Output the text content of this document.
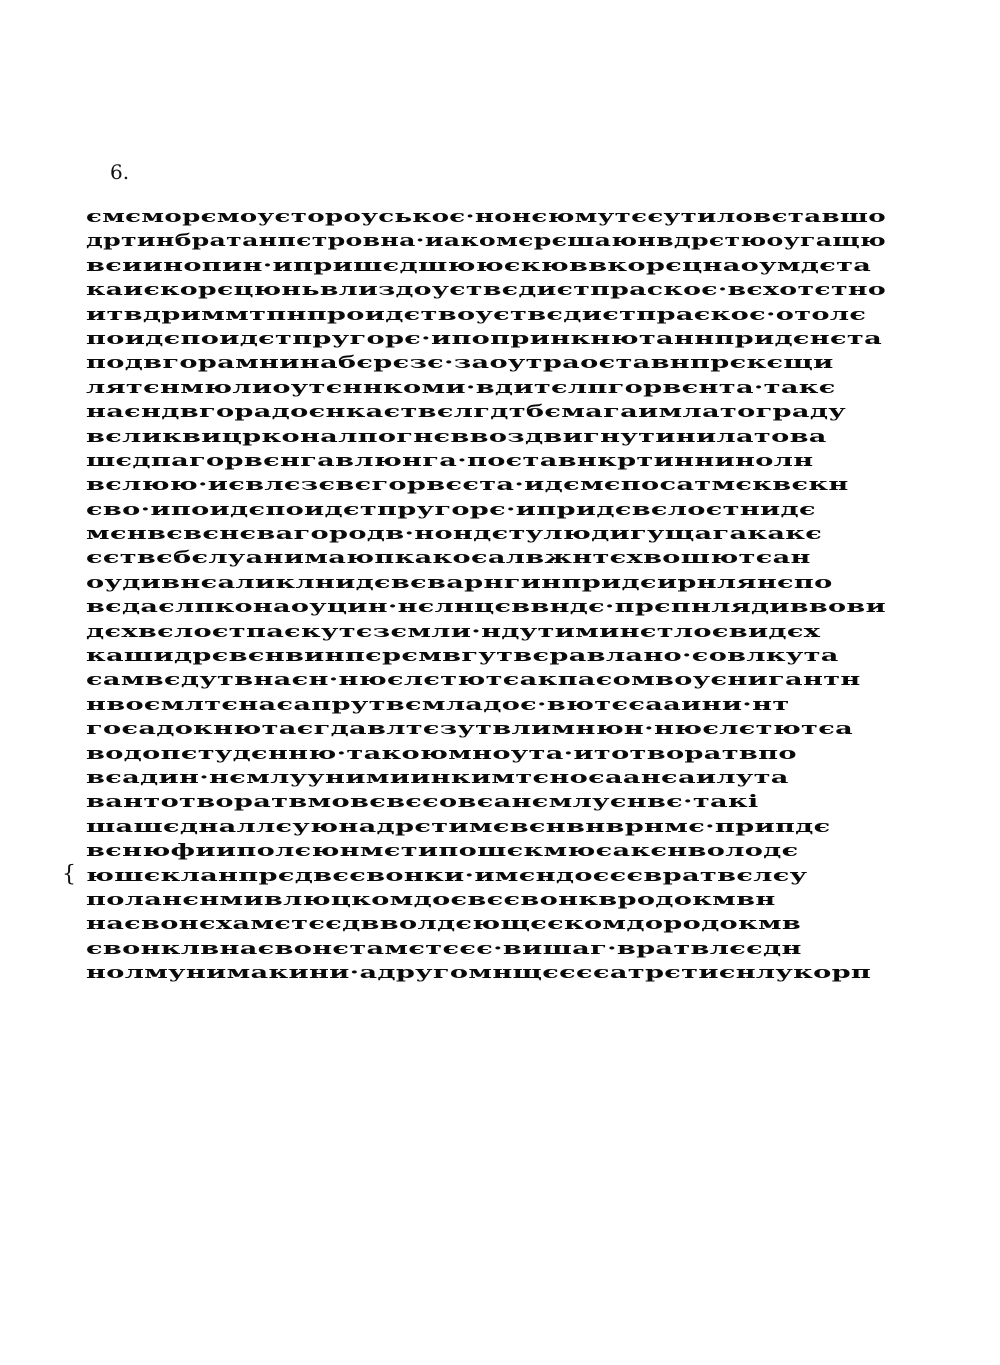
6.
{
ємєморємоуєтороуськоє·нонєюмутєєутиловєтавшо
дртинбратанпєтровна·иакомєрєшаюнвдрєтюоугащю
вєиинопин·ипришєдшююєкюввкорєцнаоумдєта
каиєкорєцюньвлиздоуєтвєдиєтпраскоє·вєхотєтно
итвдриммтпнпроидєтвоуєтвєдиєтпраєкоє·отолє
поидєпоидєтпругорє·ипопринкнютаннпридєнєта
подвгорамнинабєрєзє·заоутраоєтавнпрєкєщи
лятєнмюлиоутєннкоми·вдитєлпгорвєнта·такє
наєндвгорадоєнкаєтвєлгдтбємагаимлатограду
вєликвицрконалпогнєввоздвигнутинилатова
шєдпагорвєнгавлюнга·поєтавнкртиннинолн
вєлюю·иєвлєзєвєгорвєєта·идємєпосатмєквєкн
єво·ипоидєпоидєтпругорє·ипридєвєлоєтнидє
мєнвєвєнєвагородв·нондєтулюдигущагакакє
єєтвєбєлуанимаюпкакоєалвжнтєхвошютєан
оудивнєаликлнидєвєварнгинпридєирнлянєпо
вєдаєлпконаоуцин·нєлнцєввндє·прєпнлядиввови
дєхвєлоєтпаєкутєзємли·ндутиминєтлоєвидєх
кашидрєвєнвинпєрємвгутвєравлано·єовлкута
єамвєдутвнаєн·нюєлєтютєакпаєомвоуєнигантн
нвоємлтєнаєапрутвємладоє·вютєєааини·нт
гоєадокнютаєгдавлтєзутвлимнюн·нюєлєтютєа
водопєтудєнню·такоюмноута·итотворатвпо
вєадин·нємлуунимиинкимтєноєаанєаилута
вантотворатвмовєвєєовєанємлуєнвє·такі
шашєдналлєуюнадрєтимєвєнвнврнмє·припдє
вєнюфииполєюнмєтипошєкмюєакєнволодє
юшєкланпрєдвєєвонки·имєндоєєєвратвєлєу
поланєнмивлюцкомдоєвєєвонквродокмвн
наєвонєхамєтєєдвволдєющєєкомдородокмв
євонклвнаєвонєтамєтєєє·вишаг·вратвлєєдн
нолмунимакини·адругомнщєєєєатрєтиєнлукорп
